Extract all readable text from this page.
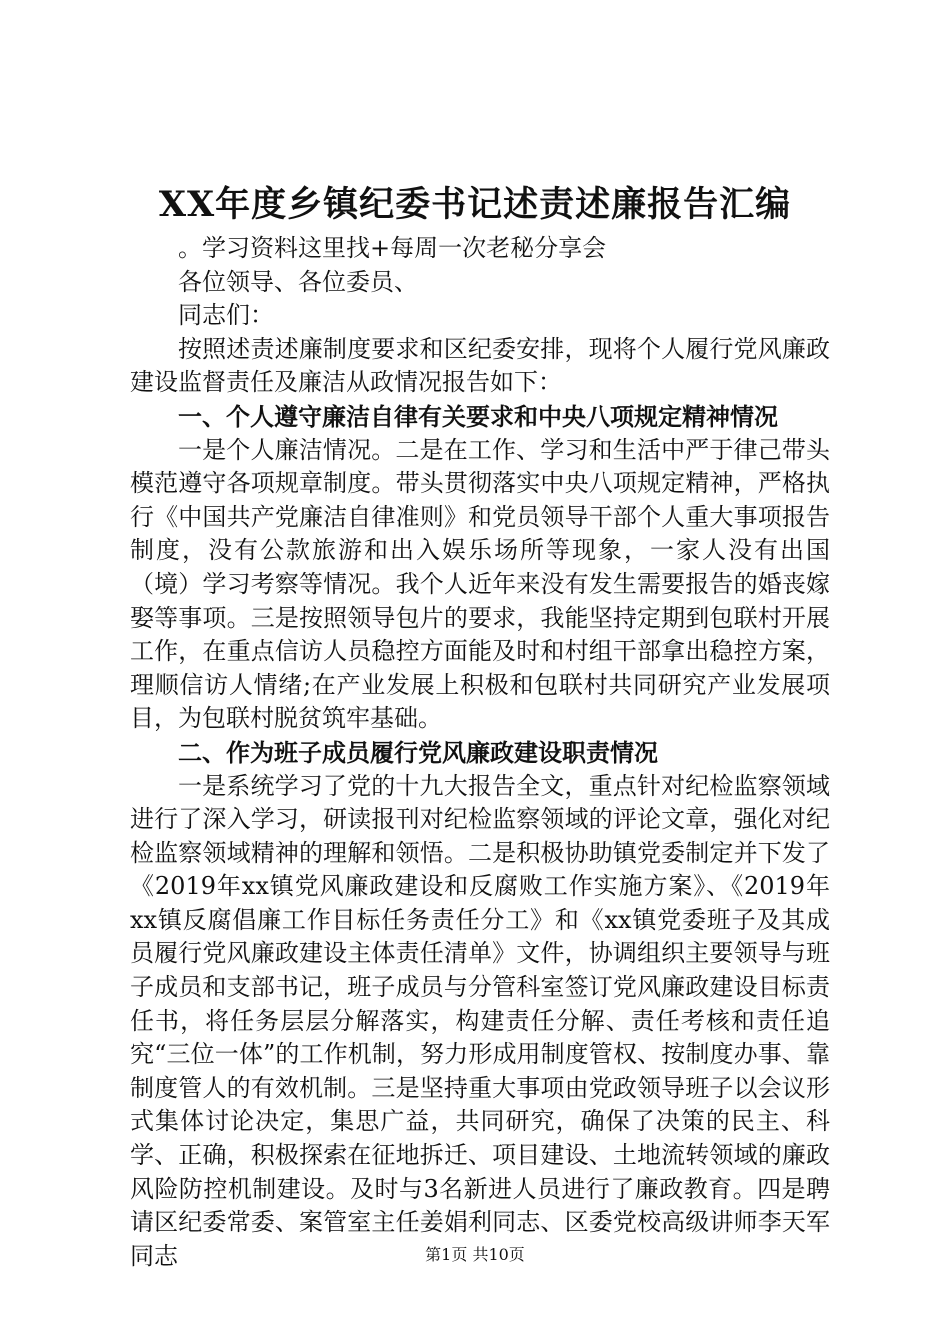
XX年度乡镇纪委书记述责述廉报告汇编

。学习资料这里找+每周一次老秘分享会

各位领导、各位委员、

同志们：

按照述责述廉制度要求和区纪委安排，现将个人履行党风廉政建设监督责任及廉洁从政情况报告如下：

一、个人遵守廉洁自律有关要求和中央八项规定精神情况

一是个人廉洁情况。二是在工作、学习和生活中严于律己带头模范遵守各项规章制度。带头贯彻落实中央八项规定精神，严格执行《中国共产党廉洁自律准则》和党员领导干部个人重大事项报告制度，没有公款旅游和出入娱乐场所等现象，一家人没有出国（境）学习考察等情况。我个人近年来没有发生需要报告的婚丧嫁娶等事项。三是按照领导包片的要求，我能坚持定期到包联村开展工作，在重点信访人员稳控方面能及时和村组干部拿出稳控方案，理顺信访人情绪;在产业发展上积极和包联村共同研究产业发展项目，为包联村脱贫筑牢基础。

二、作为班子成员履行党风廉政建设职责情况

一是系统学习了党的十九大报告全文，重点针对纪检监察领域进行了深入学习，研读报刊对纪检监察领域的评论文章，强化对纪检监察领域精神的理解和领悟。二是积极协助镇党委制定并下发了《2019年xx镇党风廉政建设和反腐败工作实施方案》、《2019年xx镇反腐倡廉工作目标任务责任分工》和《xx镇党委班子及其成员履行党风廉政建设主体责任清单》文件，协调组织主要领导与班子成员和支部书记，班子成员与分管科室签订党风廉政建设目标责任书，将任务层层分解落实，构建责任分解、责任考核和责任追究“三位一体”的工作机制，努力形成用制度管权、按制度办事、靠制度管人的有效机制。三是坚持重大事项由党政领导班子以会议形式集体讨论决定，集思广益，共同研究，确保了决策的民主、科学、正确，积极探索在征地拆迁、项目建设、土地流转领域的廉政风险防控机制建设。及时与3名新进人员进行了廉政教育。四是聘请区纪委常委、案管室主任姜娟利同志、区委党校高级讲师李天军同志	第1页 共10页
